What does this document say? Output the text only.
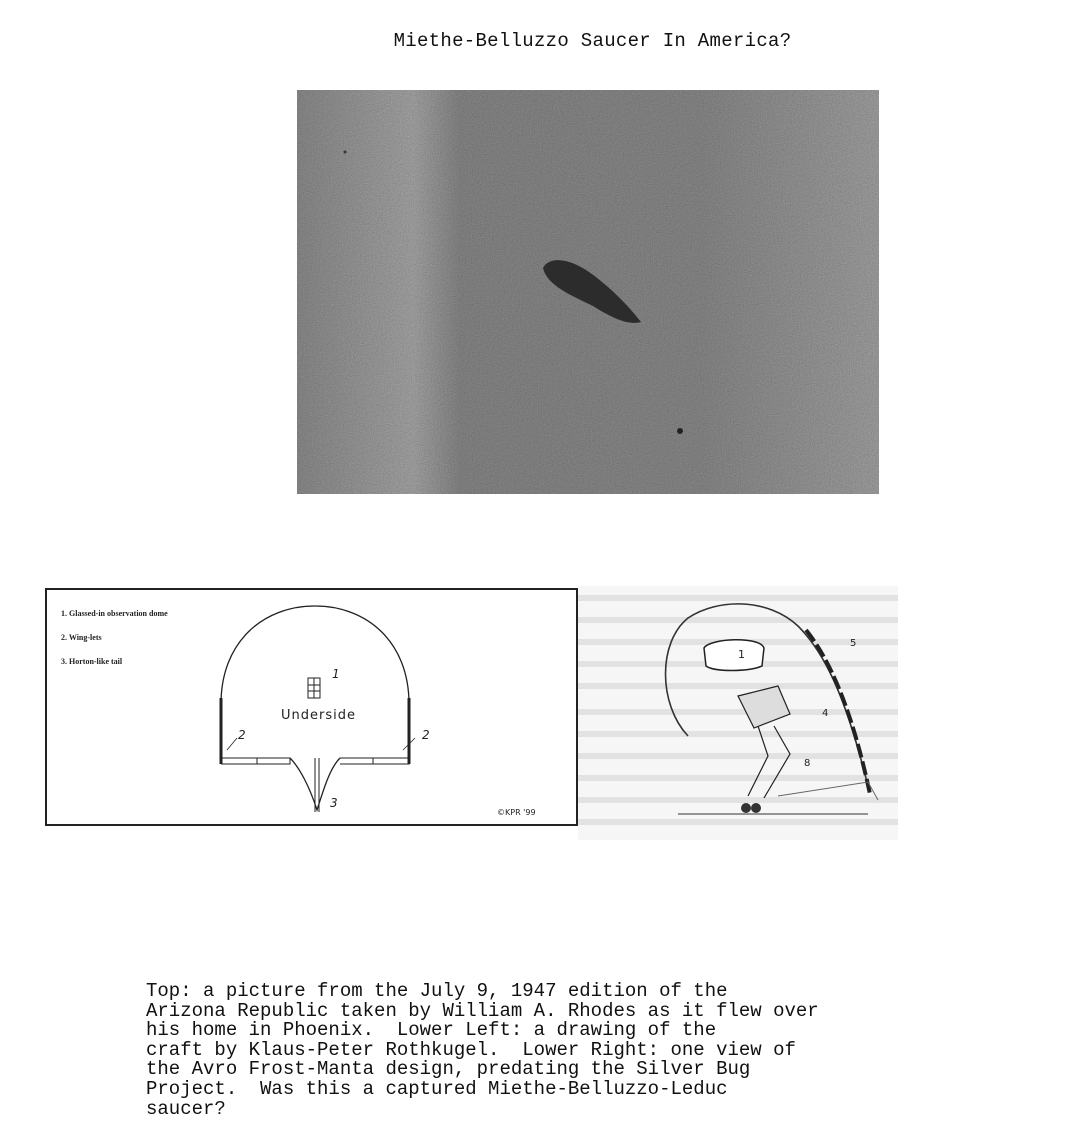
Miethe-Belluzzo Saucer In America?
1. Glassed-in observation dome
2. Wing-lets
3. Horton-like tail
1
Underside
2	2
3
©KPR '99
1
5
4
8
Top: a picture from the July 9, 1947 edition of the
Arizona Republic taken by William A. Rhodes as it flew over
his home in Phoenix.  Lower Left: a drawing of the
craft by Klaus-Peter Rothkugel.  Lower Right: one view of
the Avro Frost-Manta design, predating the Silver Bug
Project.  Was this a captured Miethe-Belluzzo-Leduc
saucer?
